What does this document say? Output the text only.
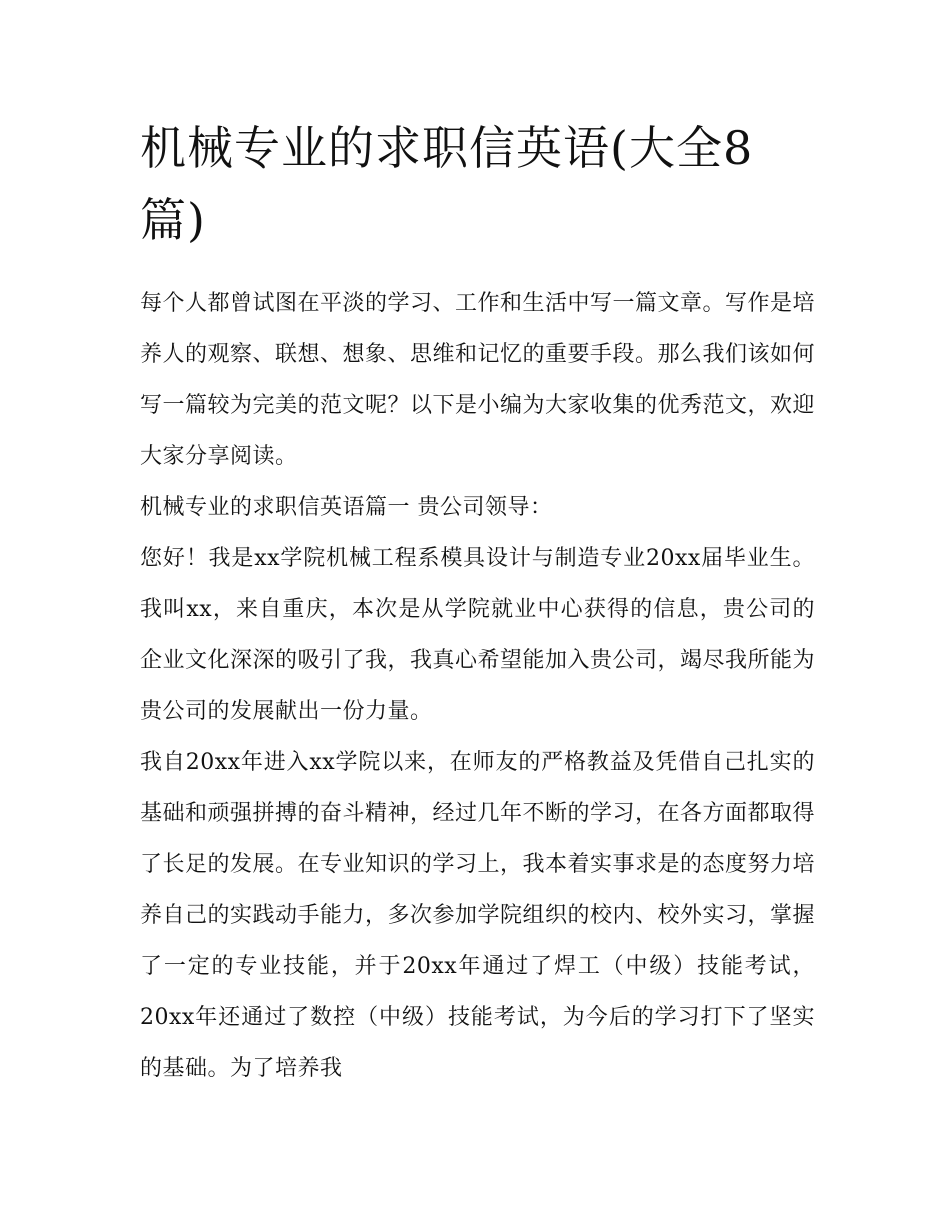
机械专业的求职信英语(大全8篇)

每个人都曾试图在平淡的学习、工作和生活中写一篇文章。写作是培养人的观察、联想、想象、思维和记忆的重要手段。那么我们该如何写一篇较为完美的范文呢？以下是小编为大家收集的优秀范文，欢迎大家分享阅读。

机械专业的求职信英语篇一 贵公司领导：

您好！我是xx学院机械工程系模具设计与制造专业20xx届毕业生。我叫xx，来自重庆，本次是从学院就业中心获得的信息，贵公司的企业文化深深的吸引了我，我真心希望能加入贵公司，竭尽我所能为贵公司的发展献出一份力量。

我自20xx年进入xx学院以来，在师友的严格教益及凭借自己扎实的基础和顽强拼搏的奋斗精神，经过几年不断的学习，在各方面都取得了长足的发展。在专业知识的学习上，我本着实事求是的态度努力培养自己的实践动手能力，多次参加学院组织的校内、校外实习，掌握了一定的专业技能，并于20xx年通过了焊工（中级）技能考试，20xx年还通过了数控（中级）技能考试，为今后的学习打下了坚实的基础。为了培养我
